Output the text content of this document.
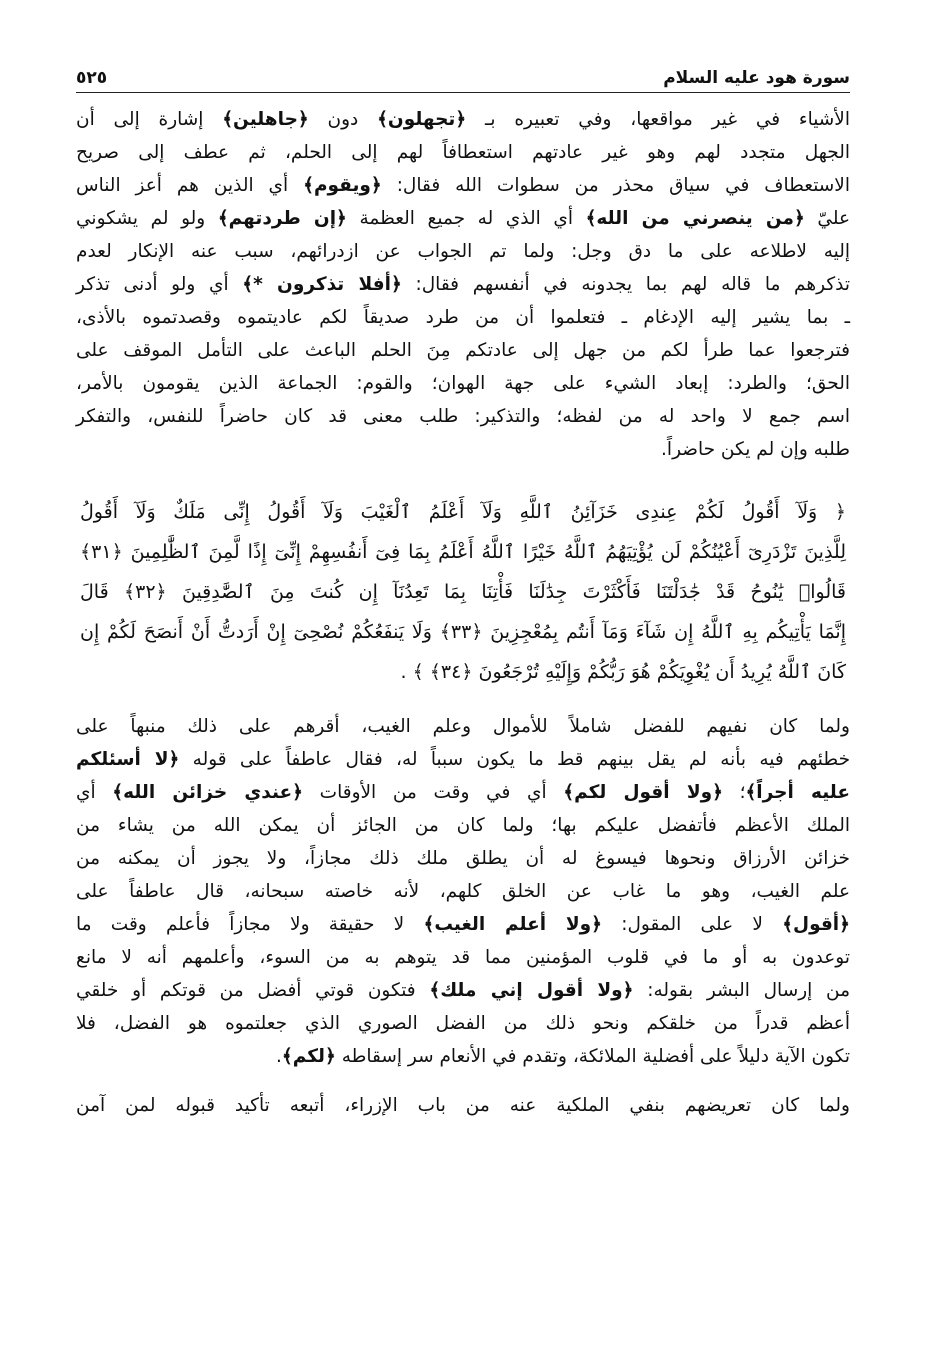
سورة هود عليه السلام
٥٢٥
الأشياء في غير مواقعها، وفي تعبيره بـ ﴿تجهلون﴾ دون ﴿جاهلين﴾ إشارة إلى أن
الجهل متجدد لهم وهو غير عادتهم استعطافاً لهم إلى الحلم، ثم عطف إلى صريح
الاستعطاف في سياق محذر من سطوات الله فقال: ﴿ويقوم﴾ أي الذين هم أعز الناس
عليّ ﴿من ينصرني من الله﴾ أي الذي له جميع العظمة ﴿إن طردتهم﴾ ولو لم يشكوني
إليه لاطلاعه على ما دق وجل: ولما تم الجواب عن ازدرائهم، سبب عنه الإنكار لعدم
تذكرهم ما قاله لهم بما يجدونه في أنفسهم فقال: ﴿أفلا تذكرون *﴾ أي ولو أدنى تذكر
ـ بما يشير إليه الإدغام ـ فتعلموا أن من طرد صديقاً لكم عاديتموه وقصدتموه بالأذى،
فترجعوا عما طرأ لكم من جهل إلى عادتكم مِنَ الحلم الباعث على التأمل الموقف على
الحق؛ والطرد: إبعاد الشيء على جهة الهوان؛ والقوم: الجماعة الذين يقومون بالأمر،
اسم جمع لا واحد له من لفظه؛ والتذكير: طلب معنى قد كان حاضراً للنفس، والتفكر
طلبه وإن لم يكن حاضراً.
﴿ وَلَآ أَقُولُ لَكُمْ عِندِى خَزَآئِنُ ٱللَّهِ وَلَآ أَعْلَمُ ٱلْغَيْبَ وَلَآ أَقُولُ إِنِّى مَلَكٌ وَلَآ أَقُولُ
لِلَّذِينَ تَزْدَرِىٓ أَعْيُنُكُمْ لَن يُؤْتِيَهُمُ ٱللَّهُ خَيْرًا ٱللَّهُ أَعْلَمُ بِمَا فِىٓ أَنفُسِهِمْ إِنِّىٓ إِذًا لَّمِنَ ٱلظَّٰلِمِينَ ﴿٣١﴾
قَالُوا۟ يَٰنُوحُ قَدْ جَٰدَلْتَنَا فَأَكْثَرْتَ جِدَٰلَنَا فَأْتِنَا بِمَا تَعِدُنَآ إِن كُنتَ مِنَ ٱلصَّٰدِقِينَ ﴿٣٢﴾ قَالَ
إِنَّمَا يَأْتِيكُم بِهِ ٱللَّهُ إِن شَآءَ وَمَآ أَنتُم بِمُعْجِزِينَ ﴿٣٣﴾ وَلَا يَنفَعُكُمْ نُصْحِىٓ إِنْ أَرَدتُّ أَنْ أَنصَحَ لَكُمْ إِن
كَانَ ٱللَّهُ يُرِيدُ أَن يُغْوِيَكُمْ هُوَ رَبُّكُمْ وَإِلَيْهِ تُرْجَعُونَ ﴿٣٤﴾ ﴾ .
ولما كان نفيهم للفضل شاملاً للأموال وعلم الغيب، أقرهم على ذلك منبهاً على
خطئهم فيه بأنه لم يقل بينهم قط ما يكون سبباً له، فقال عاطفاً على قوله ﴿لا أسئلكم
عليه أجراً﴾؛ ﴿ولا أقول لكم﴾ أي في وقت من الأوقات ﴿عندي خزائن الله﴾ أي
الملك الأعظم فأتفضل عليكم بها؛ ولما كان من الجائز أن يمكن الله من يشاء من
خزائن الأرزاق ونحوها فيسوغ له أن يطلق ملك ذلك مجازاً، ولا يجوز أن يمكنه من
علم الغيب، وهو ما غاب عن الخلق كلهم، لأنه خاصته سبحانه، قال عاطفاً على
﴿أقول﴾ لا على المقول: ﴿ولا أعلم الغيب﴾ لا حقيقة ولا مجازاً فأعلم وقت ما
توعدون به أو ما في قلوب المؤمنين مما قد يتوهم به من السوء، وأعلمهم أنه لا مانع
من إرسال البشر بقوله: ﴿ولا أقول إني ملك﴾ فتكون قوتي أفضل من قوتكم أو خلقي
أعظم قدراً من خلقكم ونحو ذلك من الفضل الصوري الذي جعلتموه هو الفضل، فلا
تكون الآية دليلاً على أفضلية الملائكة، وتقدم في الأنعام سر إسقاطه ﴿لكم﴾.
ولما كان تعريضهم بنفي الملكية عنه من باب الإزراء، أتبعه تأكيد قبوله لمن آمن
